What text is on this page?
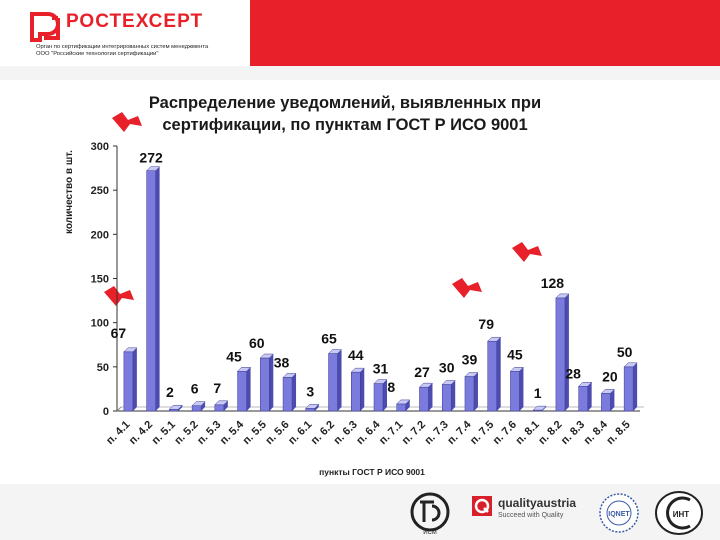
РОСТЕХСЕРТ
Орган по сертификации интегрированных систем менеджмента
ООО "Российские технологии сертификации"
Распределение уведомлений, выявленных при сертификации, по пунктам ГОСТ Р ИСО 9001
0
50
100
150
200
250
300
67
п. 4.1
272
п. 4.2
2
п. 5.1
6
п. 5.2
7
п. 5.3
45
п. 5.4
60
п. 5.5
38
п. 5.6
3
п. 6.1
65
п. 6.2
44
п. 6.3
31
п. 6.4
8
п. 7.1
27
п. 7.2
30
п. 7.3
39
п. 7.4
79
п. 7.5
45
п. 7.6
1
п. 8.1
128
п. 8.2
28
п. 8.3
20
п. 8.4
50
п. 8.5
количество в шт.
пункты ГОСТ Р ИСО 9001
ИСМ
qualityaustria
Succeed with Quality	IQNET	ИНТ
